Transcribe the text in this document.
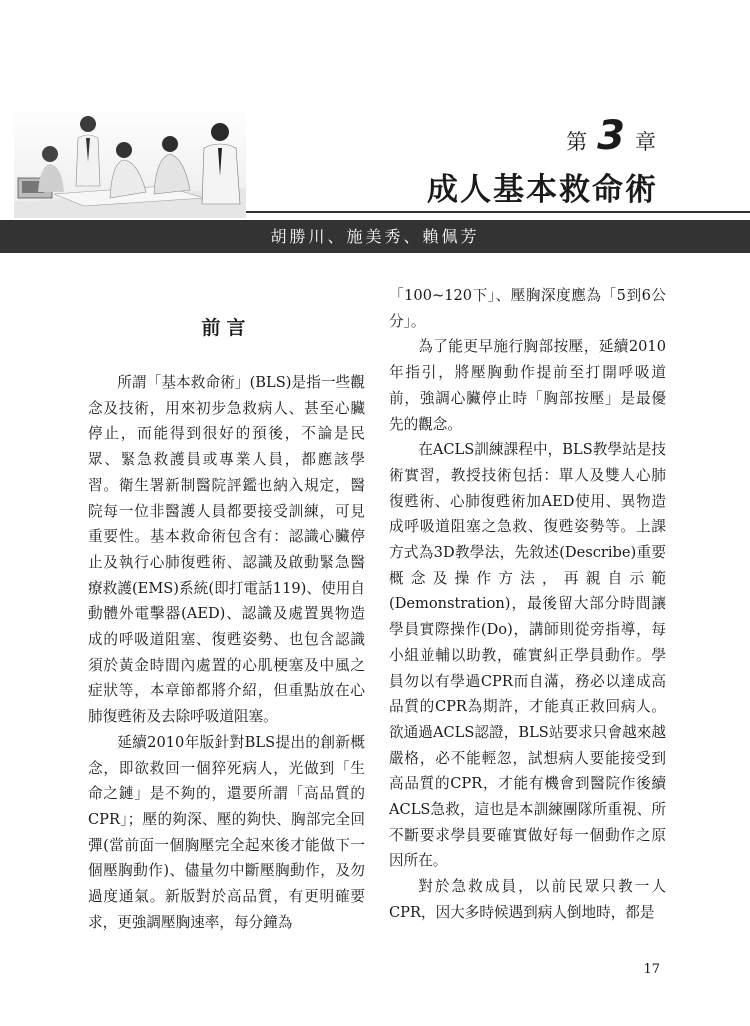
第 3 章
成人基本救命術
胡勝川、施美秀、賴佩芳
前言

所謂「基本救命術」(BLS)是指一些觀念及技術，用來初步急救病人、甚至心臟停止，而能得到很好的預後，不論是民眾、緊急救護員或專業人員，都應該學習。衛生署新制醫院評鑑也納入規定，醫院每一位非醫護人員都要接受訓練，可見重要性。基本救命術包含有：認識心臟停止及執行心肺復甦術、認識及啟動緊急醫療救護(EMS)系統(即打電話119)、使用自動體外電擊器(AED)、認識及處置異物造成的呼吸道阻塞、復甦姿勢、也包含認識須於黃金時間內處置的心肌梗塞及中風之症狀等，本章節都將介紹，但重點放在心肺復甦術及去除呼吸道阻塞。

延續2010年版針對BLS提出的創新概念，即欲救回一個猝死病人，光做到「生命之鏈」是不夠的，還要所謂「高品質的CPR」；壓的夠深、壓的夠快、胸部完全回彈(當前面一個胸壓完全起來後才能做下一個壓胸動作)、儘量勿中斷壓胸動作，及勿過度通氣。新版對於高品質，有更明確要求，更強調壓胸速率，每分鐘為

「100~120下」、壓胸深度應為「5到6公分」。

為了能更早施行胸部按壓，延續2010年指引，將壓胸動作提前至打開呼吸道前，強調心臟停止時「胸部按壓」是最優先的觀念。

在ACLS訓練課程中，BLS教學站是技術實習，教授技術包括：單人及雙人心肺復甦術、心肺復甦術加AED使用、異物造成呼吸道阻塞之急救、復甦姿勢等。上課方式為3D教學法，先敘述(Describe)重要概念及操作方法，再親自示範(Demonstration)，最後留大部分時間讓學員實際操作(Do)，講師則從旁指導，每小組並輔以助教，確實糾正學員動作。學員勿以有學過CPR而自滿，務必以達成高品質的CPR為期許，才能真正救回病人。欲通過ACLS認證，BLS站要求只會越來越嚴格，必不能輕忽，試想病人要能接受到高品質的CPR，才能有機會到醫院作後續ACLS急救，這也是本訓練團隊所重視、所不斷要求學員要確實做好每一個動作之原因所在。

對於急救成員，以前民眾只教一人CPR，因大多時候遇到病人倒地時，都是

17
